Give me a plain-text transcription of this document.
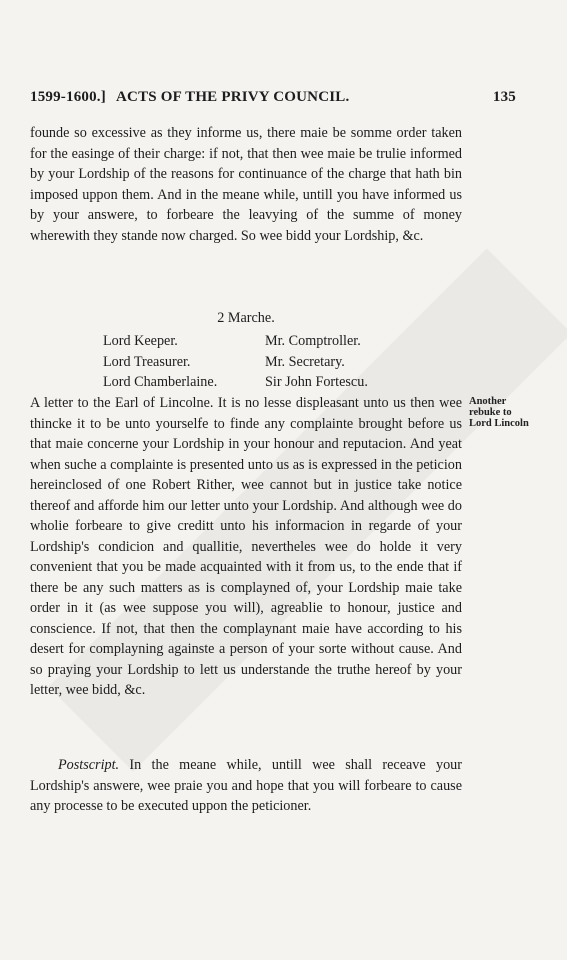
1599-1600.] ACTS OF THE PRIVY COUNCIL.	135

founde so excessive as they informe us, there maie be somme order taken for the easinge of their charge: if not, that then wee maie be trulie informed by your Lordship of the reasons for continuance of the charge that hath bin imposed uppon them. And in the meane while, untill you have informed us by your answere, to forbeare the leavying of the summe of money wherewith they stande now charged. So wee bidd your Lordship, &c.

2 Marche.
Lord Keeper.	Mr. Comptroller.
Lord Treasurer.	Mr. Secretary.
Lord Chamberlaine.	Sir John Fortescu.

A letter to the Earl of Lincolne. It is no lesse displeasant unto us then wee thincke it to be unto yourselfe to finde any complainte brought before us that maie concerne your Lordship in your honour and reputacion. And yeat when suche a complainte is presented unto us as is expressed in the peticion hereinclosed of one Robert Rither, wee cannot but in justice take notice thereof and afforde him our letter unto your Lordship. And although wee do wholie forbeare to give creditt unto his informacion in regarde of your Lordship's condicion and quallitie, nevertheles wee do holde it very convenient that you be made acquainted with it from us, to the ende that if there be any such matters as is complayned of, your Lordship maie take order in it (as wee suppose you will), agreablie to honour, justice and conscience. If not, that then the complaynant maie have according to his desert for complayning againste a person of your sorte without cause. And so praying your Lordship to lett us understande the truthe hereof by your letter, wee bidd, &c.

Another
rebuke to
Lord Lincoln

Postscript. In the meane while, untill wee shall receave your Lordship's answere, wee praie you and hope that you will forbeare to cause any processe to be executed uppon the peticioner.
